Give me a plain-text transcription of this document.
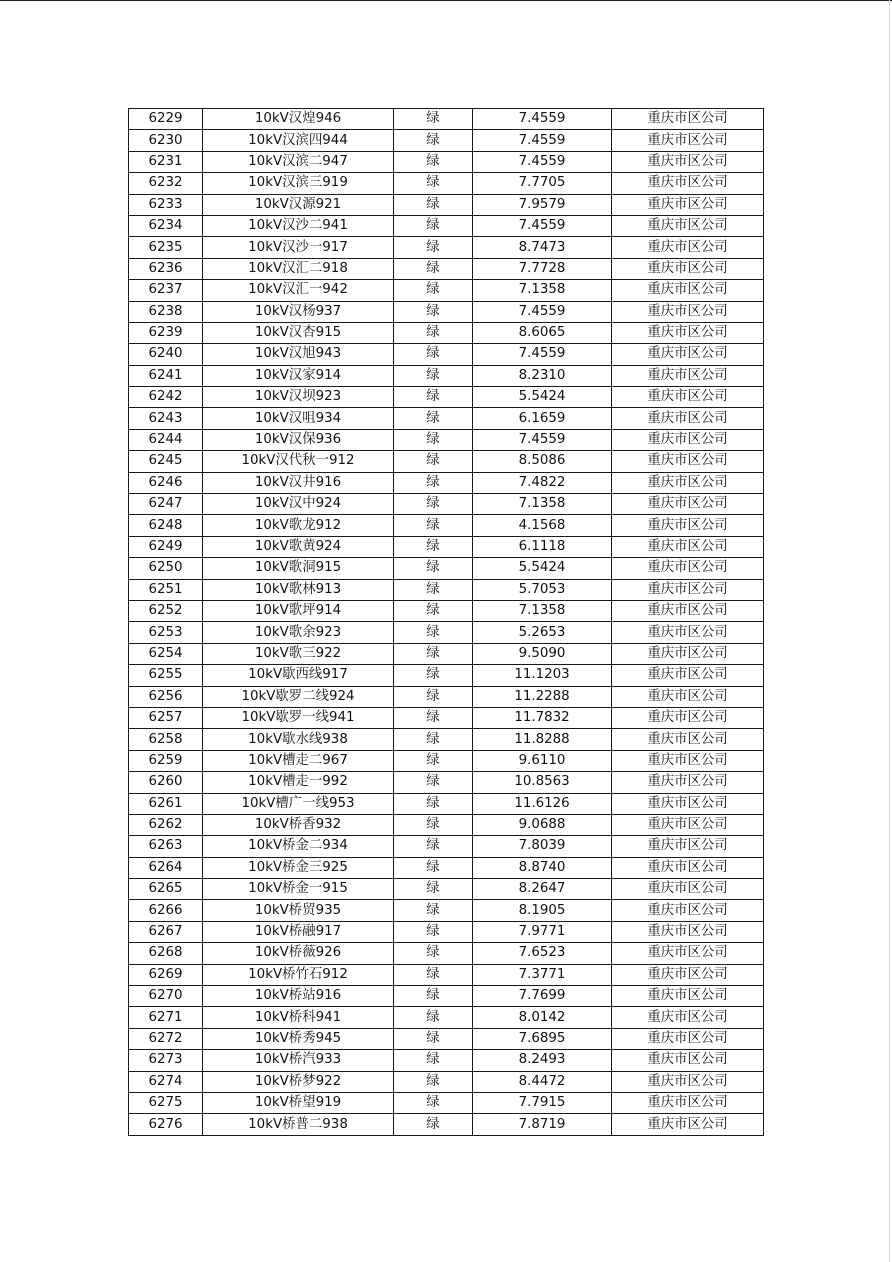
6229	10kV汉煌946	绿	7.4559	重庆市区公司
6230	10kV汉滨四944	绿	7.4559	重庆市区公司
6231	10kV汉滨二947	绿	7.4559	重庆市区公司
6232	10kV汉滨三919	绿	7.7705	重庆市区公司
6233	10kV汉源921	绿	7.9579	重庆市区公司
6234	10kV汉沙二941	绿	7.4559	重庆市区公司
6235	10kV汉沙一917	绿	8.7473	重庆市区公司
6236	10kV汉汇二918	绿	7.7728	重庆市区公司
6237	10kV汉汇一942	绿	7.1358	重庆市区公司
6238	10kV汉杨937	绿	7.4559	重庆市区公司
6239	10kV汉杏915	绿	8.6065	重庆市区公司
6240	10kV汉旭943	绿	7.4559	重庆市区公司
6241	10kV汉家914	绿	8.2310	重庆市区公司
6242	10kV汉坝923	绿	5.5424	重庆市区公司
6243	10kV汉咀934	绿	6.1659	重庆市区公司
6244	10kV汉保936	绿	7.4559	重庆市区公司
6245	10kV汉代秋一912	绿	8.5086	重庆市区公司
6246	10kV汉井916	绿	7.4822	重庆市区公司
6247	10kV汉中924	绿	7.1358	重庆市区公司
6248	10kV歌龙912	绿	4.1568	重庆市区公司
6249	10kV歌黄924	绿	6.1118	重庆市区公司
6250	10kV歌洞915	绿	5.5424	重庆市区公司
6251	10kV歌林913	绿	5.7053	重庆市区公司
6252	10kV歌坪914	绿	7.1358	重庆市区公司
6253	10kV歌余923	绿	5.2653	重庆市区公司
6254	10kV歌三922	绿	9.5090	重庆市区公司
6255	10kV歇西线917	绿	11.1203	重庆市区公司
6256	10kV歇罗二线924	绿	11.2288	重庆市区公司
6257	10kV歇罗一线941	绿	11.7832	重庆市区公司
6258	10kV歇水线938	绿	11.8288	重庆市区公司
6259	10kV槽走二967	绿	9.6110	重庆市区公司
6260	10kV槽走一992	绿	10.8563	重庆市区公司
6261	10kV槽广一线953	绿	11.6126	重庆市区公司
6262	10kV桥香932	绿	9.0688	重庆市区公司
6263	10kV桥金二934	绿	7.8039	重庆市区公司
6264	10kV桥金三925	绿	8.8740	重庆市区公司
6265	10kV桥金一915	绿	8.2647	重庆市区公司
6266	10kV桥贸935	绿	8.1905	重庆市区公司
6267	10kV桥融917	绿	7.9771	重庆市区公司
6268	10kV桥薇926	绿	7.6523	重庆市区公司
6269	10kV桥竹石912	绿	7.3771	重庆市区公司
6270	10kV桥站916	绿	7.7699	重庆市区公司
6271	10kV桥科941	绿	8.0142	重庆市区公司
6272	10kV桥秀945	绿	7.6895	重庆市区公司
6273	10kV桥汽933	绿	8.2493	重庆市区公司
6274	10kV桥梦922	绿	8.4472	重庆市区公司
6275	10kV桥望919	绿	7.7915	重庆市区公司
6276	10kV桥普二938	绿	7.8719	重庆市区公司
